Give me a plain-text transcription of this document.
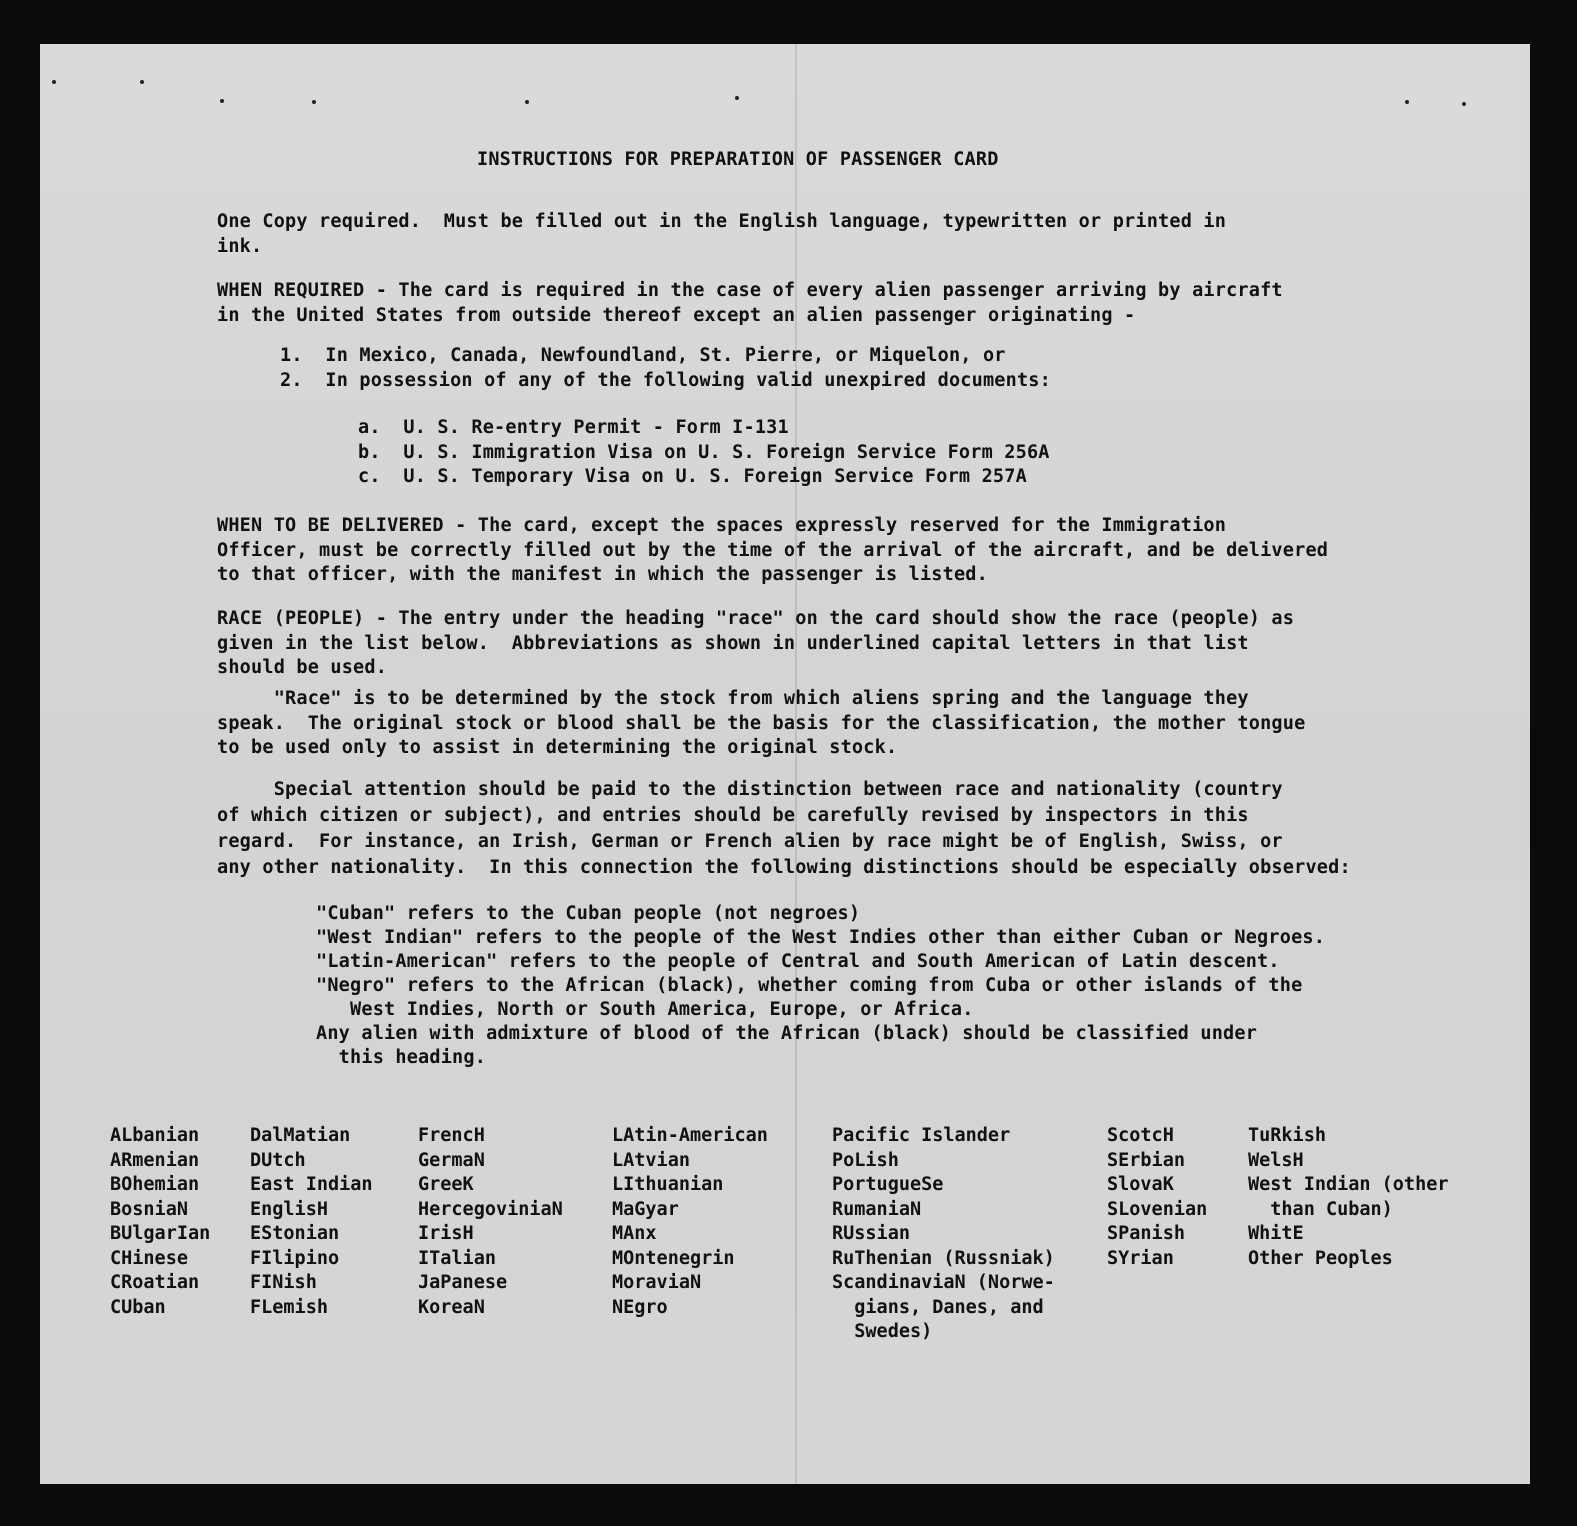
INSTRUCTIONS FOR PREPARATION OF PASSENGER CARD
One Copy required.  Must be filled out in the English language, typewritten or printed in
ink.
WHEN REQUIRED - The card is required in the case of every alien passenger arriving by aircraft
in the United States from outside thereof except an alien passenger originating -
1.  In Mexico, Canada, Newfoundland, St. Pierre, or Miquelon, or
2.  In possession of any of the following valid unexpired documents:
a.  U. S. Re-entry Permit - Form I-131
b.  U. S. Immigration Visa on U. S. Foreign Service Form 256A
c.  U. S. Temporary Visa on U. S. Foreign Service Form 257A
WHEN TO BE DELIVERED - The card, except the spaces expressly reserved for the Immigration
Officer, must be correctly filled out by the time of the arrival of the aircraft, and be delivered
to that officer, with the manifest in which the passenger is listed.
RACE (PEOPLE) - The entry under the heading "race" on the card should show the race (people) as
given in the list below.  Abbreviations as shown in underlined capital letters in that list
should be used.
"Race" is to be determined by the stock from which aliens spring and the language they
speak.  The original stock or blood shall be the basis for the classification, the mother tongue
to be used only to assist in determining the original stock.
Special attention should be paid to the distinction between race and nationality (country
of which citizen or subject), and entries should be carefully revised by inspectors in this
regard.  For instance, an Irish, German or French alien by race might be of English, Swiss, or
any other nationality.  In this connection the following distinctions should be especially observed:
"Cuban" refers to the Cuban people (not negroes)
"West Indian" refers to the people of the West Indies other than either Cuban or Negroes.
"Latin-American" refers to the people of Central and South American of Latin descent.
"Negro" refers to the African (black), whether coming from Cuba or other islands of the
West Indies, North or South America, Europe, or Africa.
Any alien with admixture of blood of the African (black) should be classified under
this heading.
ALbanian
ARmenian
BOhemian
BosniaN
BUlgarIan
CHinese
CRoatian
CUban
DalMatian
DUtch
East Indian
EnglisH
EStonian
FIlipino
FINish
FLemish
FrencH
GermaN
GreeK
HercegoviniaN
IrisH
ITalian
JaPanese
KoreaN
LAtin-American
LAtvian
LIthuanian
MaGyar
MAnx
MOntenegrin
MoraviaN
NEgro
Pacific Islander
PoLish
PortugueSe
RumaniaN
RUssian
RuThenian (Russniak)
ScandinaviaN (Norwe-
gians, Danes, and
Swedes)
ScotcH
SErbian
SlovaK
SLovenian
SPanish
SYrian
TuRkish
WelsH
West Indian (other
than Cuban)
WhitE
Other Peoples
